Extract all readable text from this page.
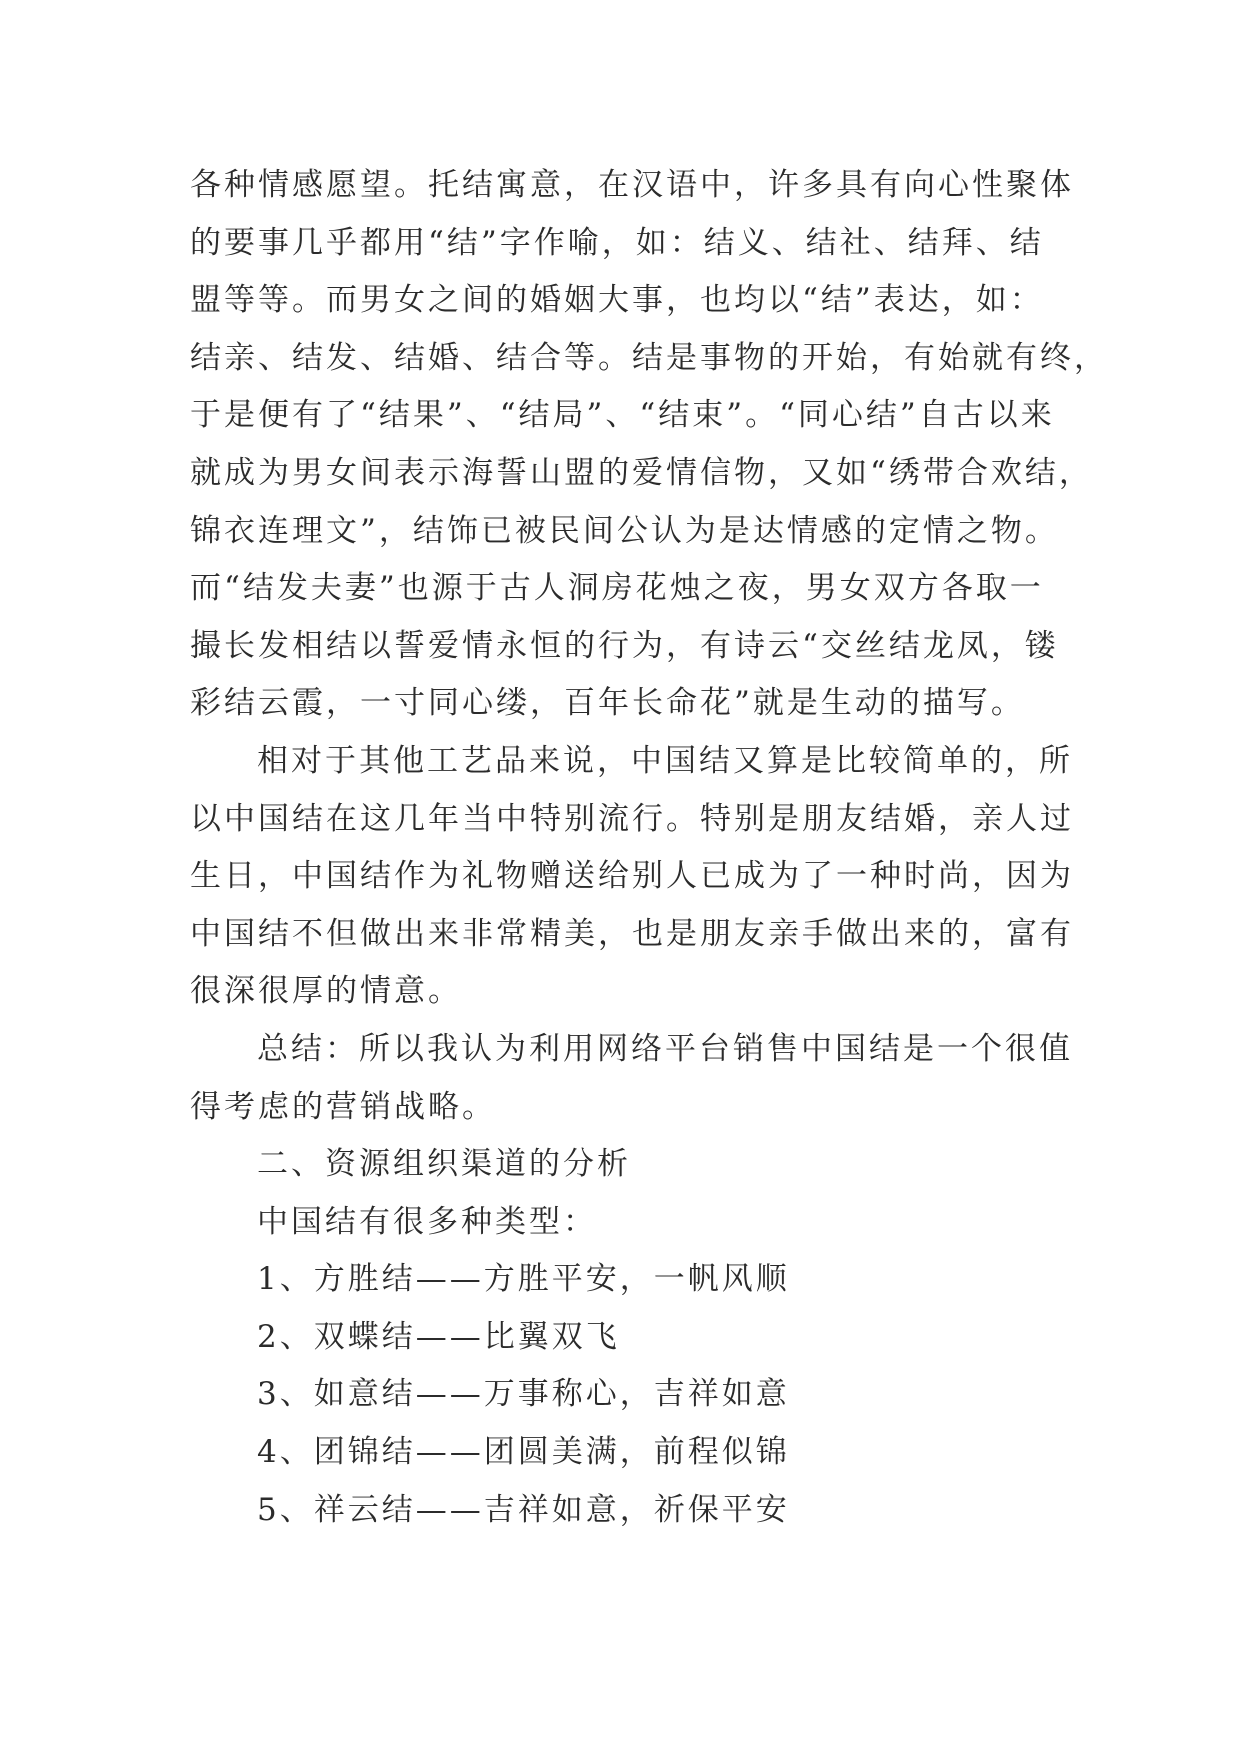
各种情感愿望。托结寓意，在汉语中，许多具有向心性聚体
的要事几乎都用“结”字作喻，如：结义、结社、结拜、结
盟等等。而男女之间的婚姻大事，也均以“结”表达，如：
结亲、结发、结婚、结合等。结是事物的开始，有始就有终，
于是便有了“结果”、“结局”、“结束”。“同心结”自古以来
就成为男女间表示海誓山盟的爱情信物，又如“绣带合欢结，
锦衣连理文”，结饰已被民间公认为是达情感的定情之物。
而“结发夫妻”也源于古人洞房花烛之夜，男女双方各取一
撮长发相结以誓爱情永恒的行为，有诗云“交丝结龙凤，镂
彩结云霞，一寸同心缕，百年长命花”就是生动的描写。
相对于其他工艺品来说，中国结又算是比较简单的，所
以中国结在这几年当中特别流行。特别是朋友结婚，亲人过
生日，中国结作为礼物赠送给别人已成为了一种时尚，因为
中国结不但做出来非常精美，也是朋友亲手做出来的，富有
很深很厚的情意。
总结：所以我认为利用网络平台销售中国结是一个很值
得考虑的营销战略。
二、资源组织渠道的分析
中国结有很多种类型：
1、方胜结——方胜平安，一帆风顺
2、双蝶结——比翼双飞
3、如意结——万事称心，吉祥如意
4、团锦结——团圆美满，前程似锦
5、祥云结——吉祥如意，祈保平安
